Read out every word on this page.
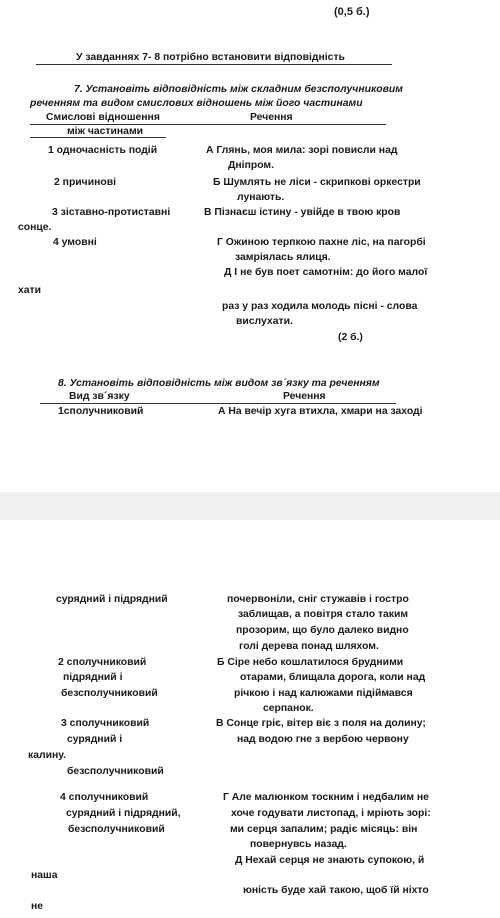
(0,5 б.)
У завданнях 7- 8 потрібно встановити відповідність
7. Установіть відповідність між складним безсполучниковим
реченням та видом смислових відношень між його частинами
Смислові відношення	Речення
між частинами
1 одночасність подій	А Глянь, моя мила: зорі повисли над
Дніпром.
2 причинові	Б Шумлять не ліси - скрипкові оркестри
лунають.
3 зіставно-протиставні	В Пізнаєш істину - увійде в твою кров
сонце.
4 умовні	Г Ожиною терпкою пахне ліс, на пагорбі
замріялась ялиця.
Д І не був поет самотнім: до його малої
хати
раз у раз ходила молодь пісні - слова
вислухати.
(2 б.)
8. Установіть відповідність між видом зв´язку та реченням
Вид зв´язку	Речення
1сполучниковий	А На вечір хуга втихла, хмари на заході
сурядний і підрядний	почервоніли, сніг стужавів і гостро
заблищав, а повітря стало таким
прозорим, що було далеко видно
голі дерева понад шляхом.
2 сполучниковий	Б Сіре небо кошлатилося брудними
підрядний і	отарами, блищала дорога, коли над
безсполучниковий	річкою і над калюжами підіймався
серпанок.
3 сполучниковий	В Сонце гріє, вітер віє з поля на долину;
сурядний і	над водою гне з вербою червону
калину.
безсполучниковий
4 сполучниковий	Г Але малюнком тоскним і недбалим не
сурядний і підрядний,	хоче годувати листопад, і мріють зорі:
безсполучниковий	ми серця запалим; радіє місяць: він
повернувсь назад.
Д Нехай серця не знають супокою, й
наша
юність буде хай такою, щоб їй ніхто
не
